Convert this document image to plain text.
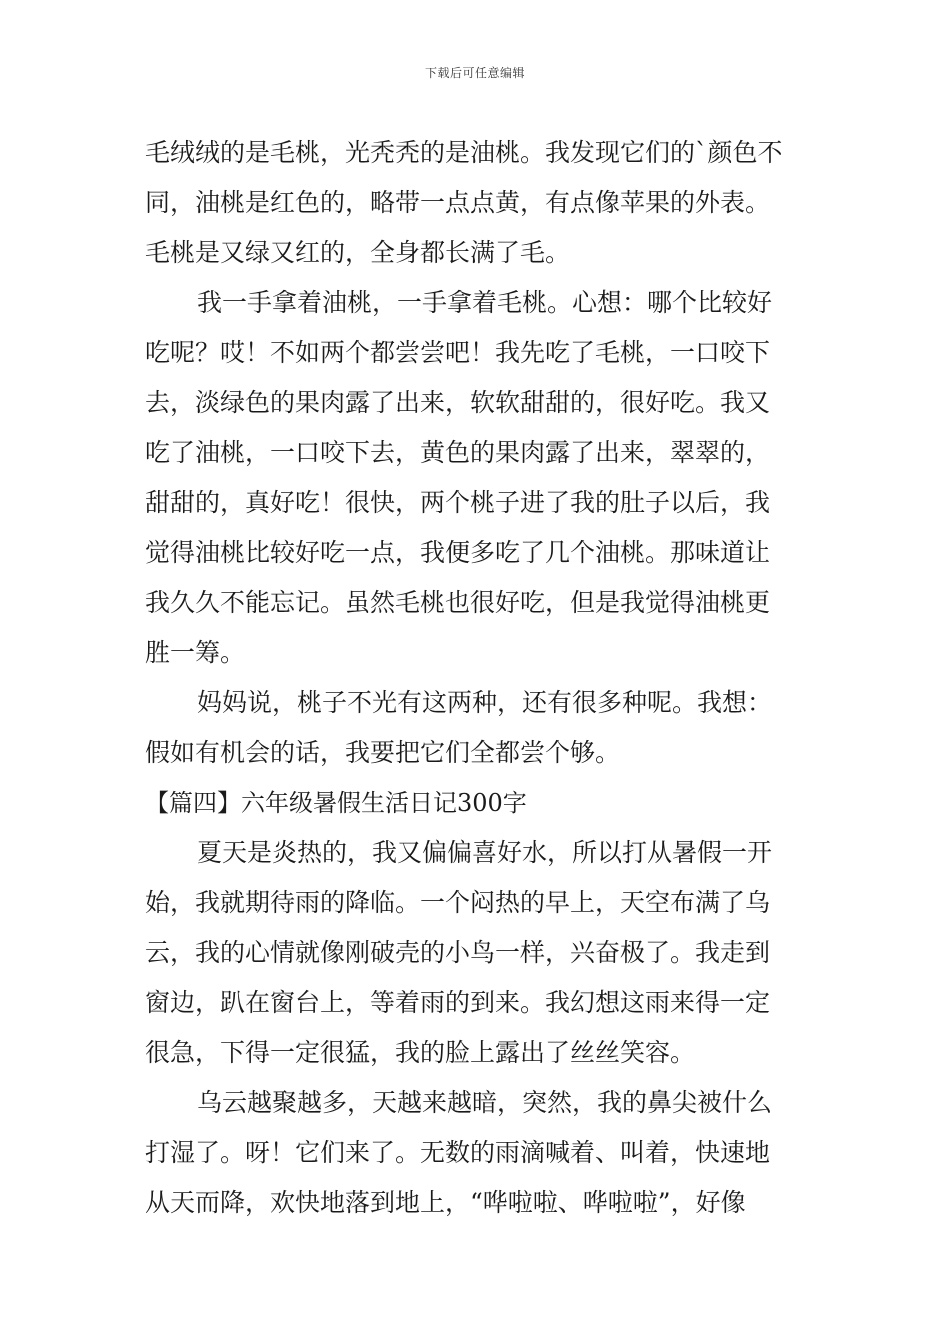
下载后可任意编辑
毛绒绒的是毛桃，光秃秃的是油桃。我发现它们的`颜色不
同，油桃是红色的，略带一点点黄，有点像苹果的外表。
毛桃是又绿又红的，全身都长满了毛。
我一手拿着油桃，一手拿着毛桃。心想：哪个比较好
吃呢？哎！不如两个都尝尝吧！我先吃了毛桃，一口咬下
去，淡绿色的果肉露了出来，软软甜甜的，很好吃。我又
吃了油桃，一口咬下去，黄色的果肉露了出来，翠翠的，
甜甜的，真好吃！很快，两个桃子进了我的肚子以后，我
觉得油桃比较好吃一点，我便多吃了几个油桃。那味道让
我久久不能忘记。虽然毛桃也很好吃，但是我觉得油桃更
胜一筹。
妈妈说，桃子不光有这两种，还有很多种呢。我想：
假如有机会的话，我要把它们全都尝个够。
【篇四】六年级暑假生活日记300字
夏天是炎热的，我又偏偏喜好水，所以打从暑假一开
始，我就期待雨的降临。一个闷热的早上，天空布满了乌
云，我的心情就像刚破壳的小鸟一样，兴奋极了。我走到
窗边，趴在窗台上，等着雨的到来。我幻想这雨来得一定
很急，下得一定很猛，我的脸上露出了丝丝笑容。
乌云越聚越多，天越来越暗，突然，我的鼻尖被什么
打湿了。呀！它们来了。无数的雨滴喊着、叫着，快速地
从天而降，欢快地落到地上，“哗啦啦、哗啦啦”，好像
